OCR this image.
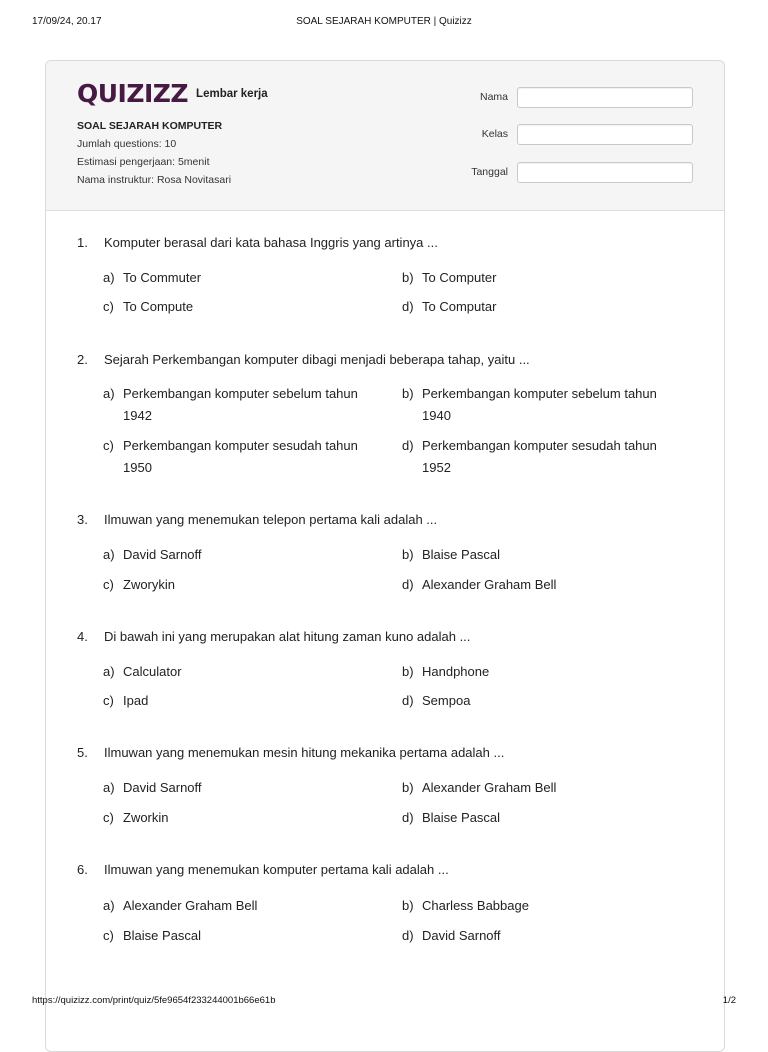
17/09/24, 20.17	SOAL SEJARAH KOMPUTER | Quizizz
QUIZIZZ Lembar kerja
SOAL SEJARAH KOMPUTER
Jumlah questions: 10
Estimasi pengerjaan: 5menit
Nama instruktur: Rosa Novitasari
Nama
Kelas
Tanggal
1. Komputer berasal dari kata bahasa Inggris yang artinya ...
a) To Commuter	b) To Computer
c) To Compute	d) To Computar
2. Sejarah Perkembangan komputer dibagi menjadi beberapa tahap, yaitu ...
a) Perkembangan komputer sebelum tahun 1942
b) Perkembangan komputer sebelum tahun 1940
c) Perkembangan komputer sesudah tahun 1950
d) Perkembangan komputer sesudah tahun 1952
3. Ilmuwan yang menemukan telepon pertama kali adalah ...
a) David Sarnoff	b) Blaise Pascal
c) Zworykin	d) Alexander Graham Bell
4. Di bawah ini yang merupakan alat hitung zaman kuno adalah ...
a) Calculator	b) Handphone
c) Ipad	d) Sempoa
5. Ilmuwan yang menemukan mesin hitung mekanika pertama adalah ...
a) David Sarnoff	b) Alexander Graham Bell
c) Zworkin	d) Blaise Pascal
6. Ilmuwan yang menemukan komputer pertama kali adalah ...
a) Alexander Graham Bell	b) Charless Babbage
c) Blaise Pascal	d) David Sarnoff
https://quizizz.com/print/quiz/5fe9654f233244001b66e61b	1/2
